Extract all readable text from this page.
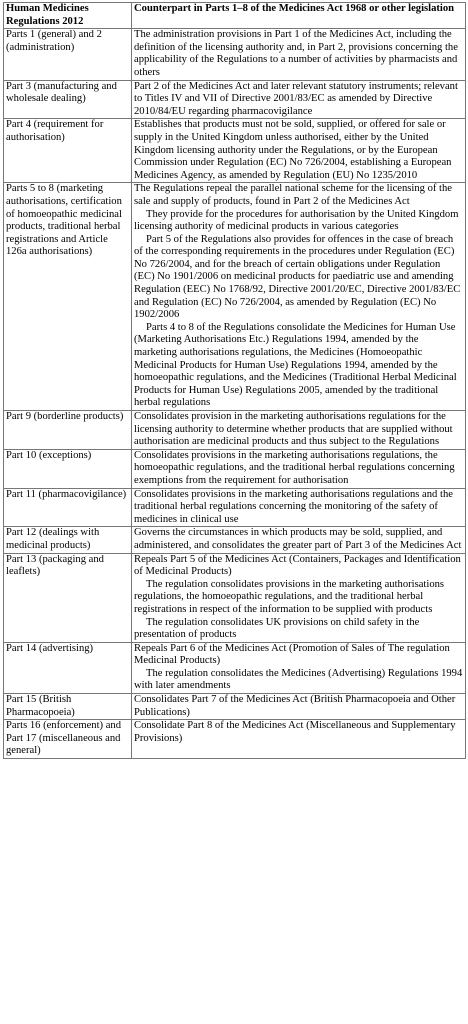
Human Medicines Regulations 2012	Counterpart in Parts 1–8 of the Medicines Act 1968 or other legislation
Parts 1 (general) and 2 (administration)	The administration provisions in Part 1 of the Medicines Act, including the definition of the licensing authority and, in Part 2, provisions concerning the applicability of the Regulations to a number of activities by pharmacists and others

Part 3 (manufacturing and wholesale dealing)	Part 2 of the Medicines Act and later relevant statutory instruments; relevant to Titles IV and VII of Directive 2001/83/EC as amended by Directive 2010/84/EU regarding pharmacovigilance

Part 4 (requirement for authorisation)	Establishes that products must not be sold, supplied, or offered for sale or supply in the United Kingdom unless authorised, either by the United Kingdom licensing authority under the Regulations, or by the European Commission under Regulation (EC) No 726/2004, establishing a European Medicines Agency, as amended by Regulation (EU) No 1235/2010

Parts 5 to 8 (marketing authorisations, certification of homoeopathic medicinal products, traditional herbal registrations and Article 126a authorisations)	The Regulations repeal the parallel national scheme for the licensing of the sale and supply of products, found in Part 2 of the Medicines Act
They provide for the procedures for authorisation by the United Kingdom licensing authority of medicinal products in various categories
Part 5 of the Regulations also provides for offences in the case of breach of the corresponding requirements in the procedures under Regulation (EC) No 726/2004, and for the breach of certain obligations under Regulation (EC) No 1901/2006 on medicinal products for paediatric use and amending Regulation (EEC) No 1768/92, Directive 2001/20/EC, Directive 2001/83/EC and Regulation (EC) No 726/2004, as amended by Regulation (EC) No 1902/2006
Parts 4 to 8 of the Regulations consolidate the Medicines for Human Use (Marketing Authorisations Etc.) Regulations 1994, amended by the marketing authorisations regulations, the Medicines (Homoeopathic Medicinal Products for Human Use) Regulations 1994, amended by the homoeopathic regulations, and the Medicines (Traditional Herbal Medicinal Products for Human Use) Regulations 2005, amended by the traditional herbal regulations

Part 9 (borderline products)	Consolidates provision in the marketing authorisations regulations for the licensing authority to determine whether products that are supplied without authorisation are medicinal products and thus subject to the Regulations

Part 10 (exceptions)	Consolidates provisions in the marketing authorisations regulations, the homoeopathic regulations, and the traditional herbal regulations concerning exemptions from the requirement for authorisation

Part 11 (pharmacovigilance)	Consolidates provisions in the marketing authorisations regulations and the traditional herbal regulations concerning the monitoring of the safety of medicines in clinical use

Part 12 (dealings with medicinal products)	Governs the circumstances in which products may be sold, supplied, and administered, and consolidates the greater part of Part 3 of the Medicines Act

Part 13 (packaging and leaflets)	Repeals Part 5 of the Medicines Act (Containers, Packages and Identification of Medicinal Products)
The regulation consolidates provisions in the marketing authorisations regulations, the homoeopathic regulations, and the traditional herbal registrations in respect of the information to be supplied with products
The regulation consolidates UK provisions on child safety in the presentation of products

Part 14 (advertising)	Repeals Part 6 of the Medicines Act (Promotion of Sales of The regulation Medicinal Products)
The regulation consolidates the Medicines (Advertising) Regulations 1994 with later amendments

Part 15 (British Pharmacopoeia)	Consolidates Part 7 of the Medicines Act (British Pharmacopoeia and Other Publications)

Parts 16 (enforcement) and Part 17 (miscellaneous and general)	Consolidate Part 8 of the Medicines Act (Miscellaneous and Supplementary Provisions)
